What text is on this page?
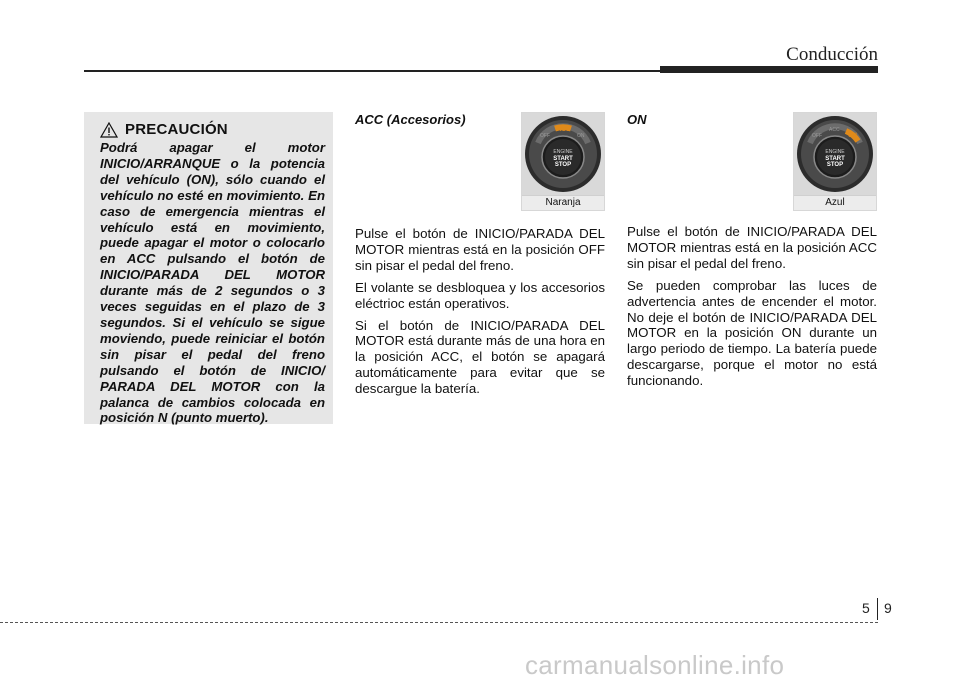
Conducción
PRECAUCIÓN

Podrá apagar el motor INICIO/ARRANQUE o la potencia del vehículo (ON), sólo cuando el vehículo no esté en movimiento. En caso de emergencia mientras el vehículo está en movimiento, puede apagar el motor o colocarlo en ACC pulsando el botón de INICIO/PARADA DEL MOTOR durante más de 2 segundos o 3 veces seguidas en el plazo de 3 segundos. Si el vehículo se sigue moviendo, puede reiniciar el botón sin pisar el pedal del freno pulsando el botón de INICIO/ PARADA DEL MOTOR con la palanca de cambios colocada en posición N (punto muerto).

ACC (Accesorios)
OFF
ACC
ON
ENGINE
START
STOP
Naranja

Pulse el botón de INICIO/PARADA DEL MOTOR mientras está en la posición OFF sin pisar el pedal del freno.

El volante se desbloquea y los accesorios eléctrioc están operativos.

Si el botón de INICIO/PARADA DEL MOTOR está durante más de una hora en la posición ACC, el botón se apagará automáticamente para evitar que se descargue la batería.

ON
OFF
ACC
ON
ENGINE
START
STOP
Azul

Pulse el botón de INICIO/PARADA DEL MOTOR mientras está en la posición ACC sin pisar el pedal del freno.

Se pueden comprobar las luces de advertencia antes de encender el motor. No deje el botón de INICIO/PARADA DEL MOTOR en la posición ON durante un largo periodo de tiempo. La batería puede descargarse, porque el motor no está funcionando.

5 9
carmanualsonline.info
